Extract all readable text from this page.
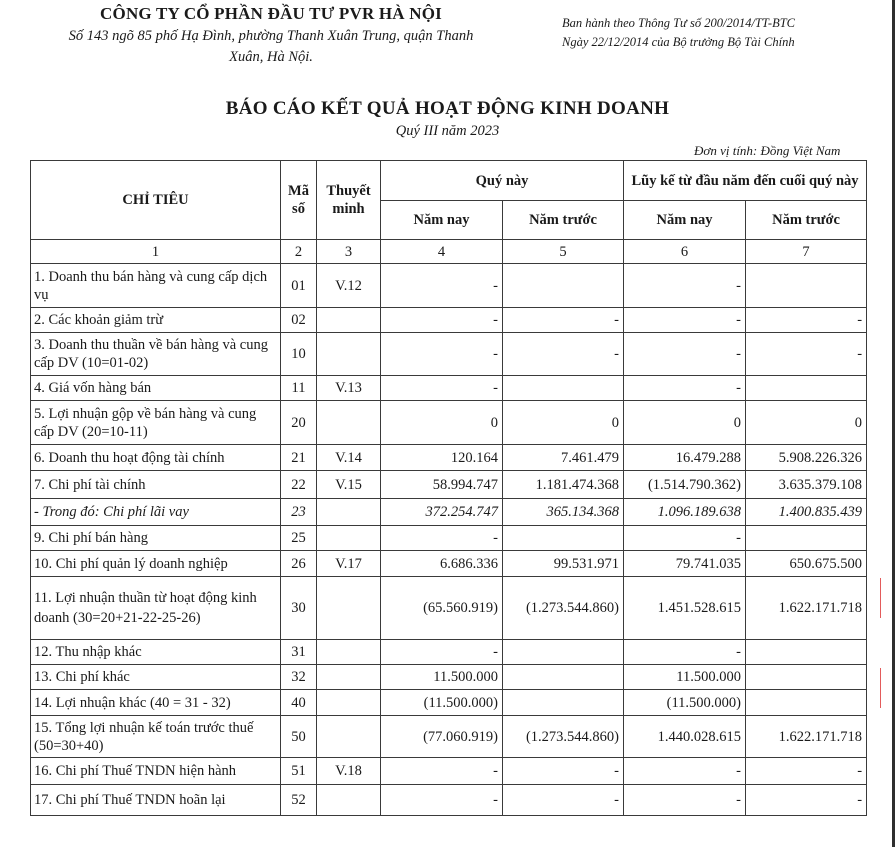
CÔNG TY CỔ PHẦN ĐẦU TƯ PVR HÀ NỘI
Số 143 ngõ 85 phố Hạ Đình, phường Thanh Xuân Trung, quận Thanh
Xuân, Hà Nội.
Ban hành theo Thông Tư số 200/2014/TT-BTC
Ngày 22/12/2014 của Bộ trưởng Bộ Tài Chính
BÁO CÁO KẾT QUẢ HOẠT ĐỘNG KINH DOANH
Quý III năm 2023
Đơn vị tính: Đồng Việt Nam
CHỈ TIÊU	Mã số	Thuyết minh	Quý này		Lũy kế từ đầu năm đến cuối quý này	
			Năm nay	Năm trước	Năm nay	Năm trước
1	2	3	4	5	6	7
1. Doanh thu bán hàng và cung cấp dịch vụ	01	V.12	-		-	
2. Các khoản giảm trừ	02		-	-	-	-
3. Doanh thu thuần về bán hàng và cung cấp DV (10=01-02)	10		-	-	-	-
4. Giá vốn hàng bán	11	V.13	-		-	
5. Lợi nhuận gộp về bán hàng và cung cấp DV (20=10-11)	20		0	0	0	0
6. Doanh thu hoạt động tài chính	21	V.14	120.164	7.461.479	16.479.288	5.908.226.326
7. Chi phí tài chính	22	V.15	58.994.747	1.181.474.368	(1.514.790.362)	3.635.379.108
- Trong đó: Chi phí lãi vay	23		372.254.747	365.134.368	1.096.189.638	1.400.835.439
9. Chi phí bán hàng	25		-		-	
10. Chi phí quản lý doanh nghiệp	26	V.17	6.686.336	99.531.971	79.741.035	650.675.500
11. Lợi nhuận thuần từ hoạt động kinh doanh (30=20+21-22-25-26)	30		(65.560.919)	(1.273.544.860)	1.451.528.615	1.622.171.718
12. Thu nhập khác	31		-		-	
13. Chi phí khác	32		11.500.000		11.500.000	
14. Lợi nhuận khác (40 = 31 - 32)	40		(11.500.000)		(11.500.000)	
15. Tổng lợi nhuận kế toán trước thuế (50=30+40)	50		(77.060.919)	(1.273.544.860)	1.440.028.615	1.622.171.718
16. Chi phí Thuế TNDN hiện hành	51	V.18	-	-	-	-
17. Chi phí Thuế TNDN hoãn lại	52		-	-	-	-
